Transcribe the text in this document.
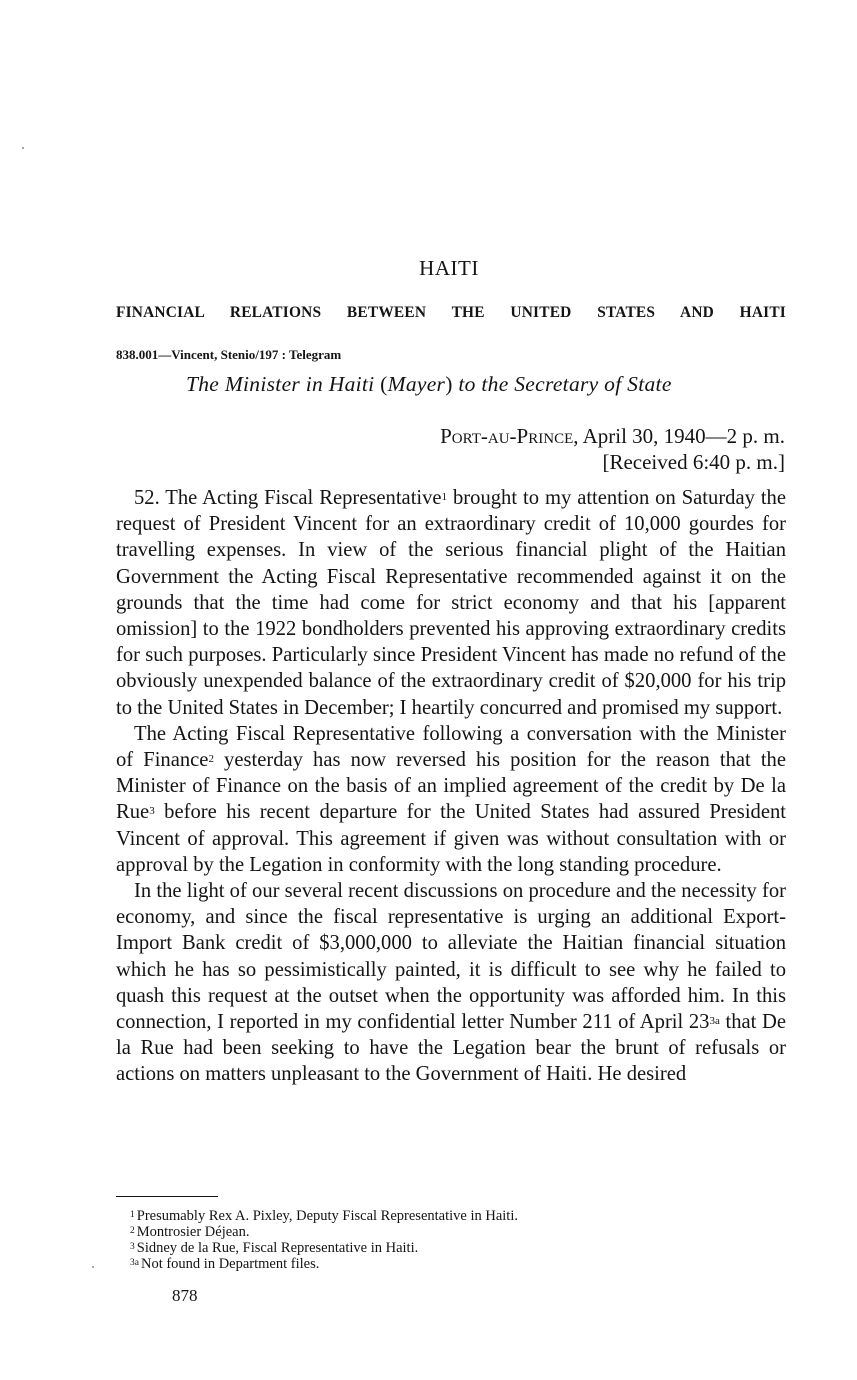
HAITI
FINANCIAL RELATIONS BETWEEN THE UNITED STATES AND HAITI
838.001—Vincent, Stenio/197 : Telegram
The Minister in Haiti (Mayer) to the Secretary of State
Port-au-Prince, April 30, 1940—2 p. m.
[Received 6:40 p. m.]

52. The Acting Fiscal Representative$^1$ brought to my attention on Saturday the request of President Vincent for an extraordinary credit of 10,000 gourdes for travelling expenses. In view of the serious financial plight of the Haitian Government the Acting Fiscal Representative recommended against it on the grounds that the time had come for strict economy and that his [apparent omission] to the 1922 bondholders prevented his approving extraordinary credits for such purposes. Particularly since President Vincent has made no refund of the obviously unexpended balance of the extraordinary credit of $20,000 for his trip to the United States in December; I heartily concurred and promised my support.

The Acting Fiscal Representative following a conversation with the Minister of Finance$^2$ yesterday has now reversed his position for the reason that the Minister of Finance on the basis of an implied agreement of the credit by De la Rue$^3$ before his recent departure for the United States had assured President Vincent of approval. This agreement if given was without consultation with or approval by the Legation in conformity with the long standing procedure.

In the light of our several recent discussions on procedure and the necessity for economy, and since the fiscal representative is urging an additional Export-Import Bank credit of $3,000,000 to alleviate the Haitian financial situation which he has so pessimistically painted, it is difficult to see why he failed to quash this request at the outset when the opportunity was afforded him. In this connection, I reported in my confidential letter Number 211 of April $23^{3a}$ that De la Rue had been seeking to have the Legation bear the brunt of refusals or actions on matters unpleasant to the Government of Haiti. He desired

$^1$ Presumably Rex A. Pixley, Deputy Fiscal Representative in Haiti.
$^2$ Montrosier Déjean.
$^3$ Sidney de la Rue, Fiscal Representative in Haiti.
$^{3a}$ Not found in Department files.
878
